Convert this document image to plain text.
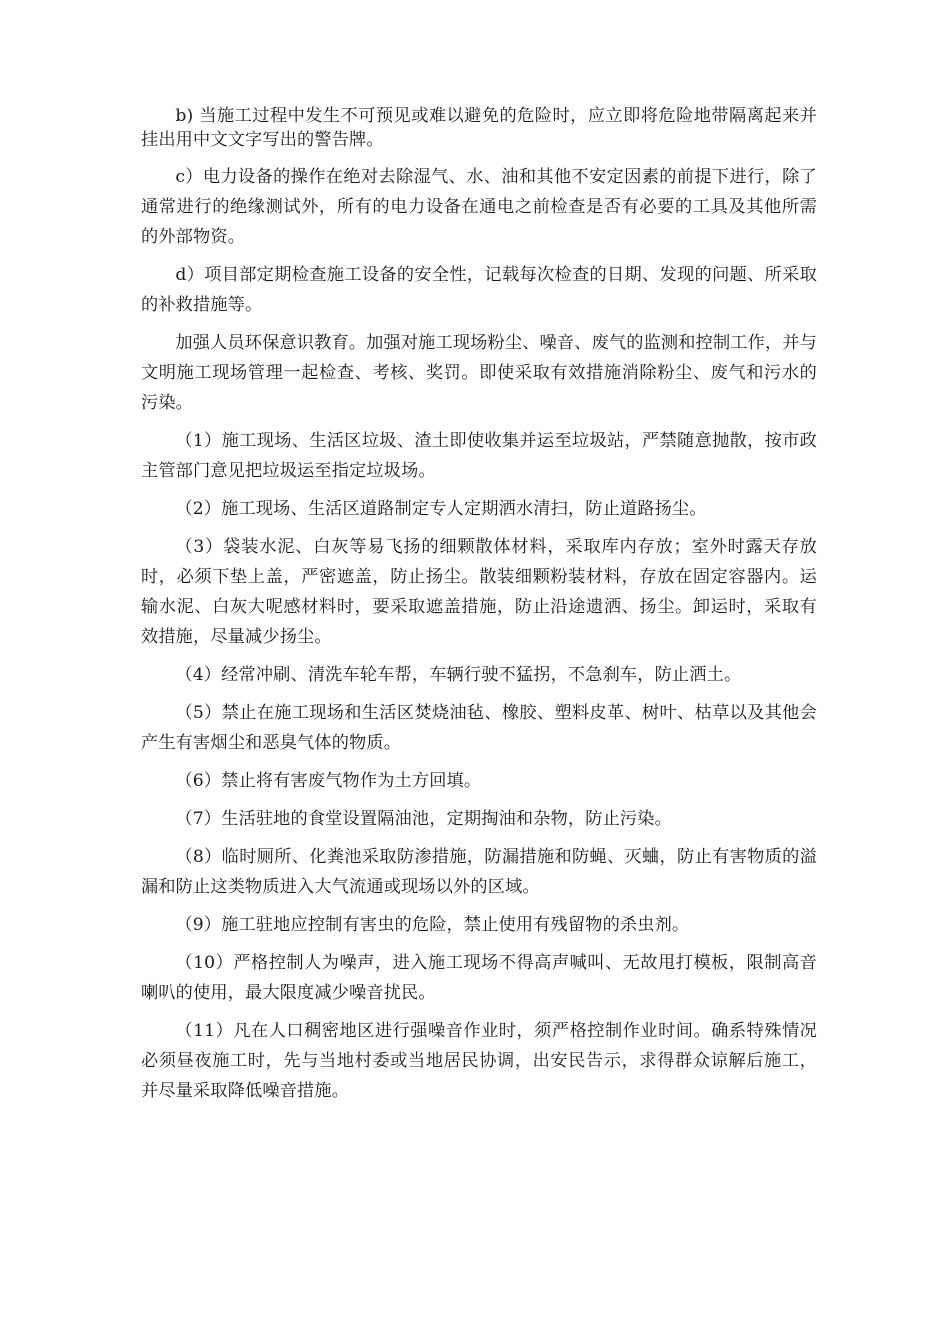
b) 当施工过程中发生不可预见或难以避免的危险时，应立即将危险地带隔离起来并挂出用中文文字写出的警告牌。

c）电力设备的操作在绝对去除湿气、水、油和其他不安定因素的前提下进行，除了通常进行的绝缘测试外，所有的电力设备在通电之前检查是否有必要的工具及其他所需的外部物资。

d）项目部定期检查施工设备的安全性，记载每次检查的日期、发现的问题、所采取的补救措施等。

加强人员环保意识教育。加强对施工现场粉尘、噪音、废气的监测和控制工作，并与文明施工现场管理一起检查、考核、奖罚。即使采取有效措施消除粉尘、废气和污水的污染。

（1）施工现场、生活区垃圾、渣土即使收集并运至垃圾站，严禁随意抛散，按市政主管部门意见把垃圾运至指定垃圾场。

（2）施工现场、生活区道路制定专人定期洒水清扫，防止道路扬尘。

（3）袋装水泥、白灰等易飞扬的细颗散体材料，采取库内存放；室外时露天存放时，必须下垫上盖，严密遮盖，防止扬尘。散装细颗粉装材料，存放在固定容器内。运输水泥、白灰大呢感材料时，要采取遮盖措施，防止沿途遗洒、扬尘。卸运时，采取有效措施，尽量减少扬尘。

（4）经常冲刷、清洗车轮车帮，车辆行驶不猛拐，不急刹车，防止洒土。

（5）禁止在施工现场和生活区焚烧油毡、橡胶、塑料皮革、树叶、枯草以及其他会产生有害烟尘和恶臭气体的物质。

（6）禁止将有害废气物作为土方回填。

（7）生活驻地的食堂设置隔油池，定期掏油和杂物，防止污染。

（8）临时厕所、化粪池采取防渗措施，防漏措施和防蝇、灭蛐，防止有害物质的溢漏和防止这类物质进入大气流通或现场以外的区域。

（9）施工驻地应控制有害虫的危险，禁止使用有残留物的杀虫剂。

（10）严格控制人为噪声，进入施工现场不得高声喊叫、无故甩打模板，限制高音喇叭的使用，最大限度减少噪音扰民。

（11）凡在人口稠密地区进行强噪音作业时，须严格控制作业时间。确系特殊情况必须昼夜施工时，先与当地村委或当地居民协调，出安民告示，求得群众谅解后施工，并尽量采取降低噪音措施。
